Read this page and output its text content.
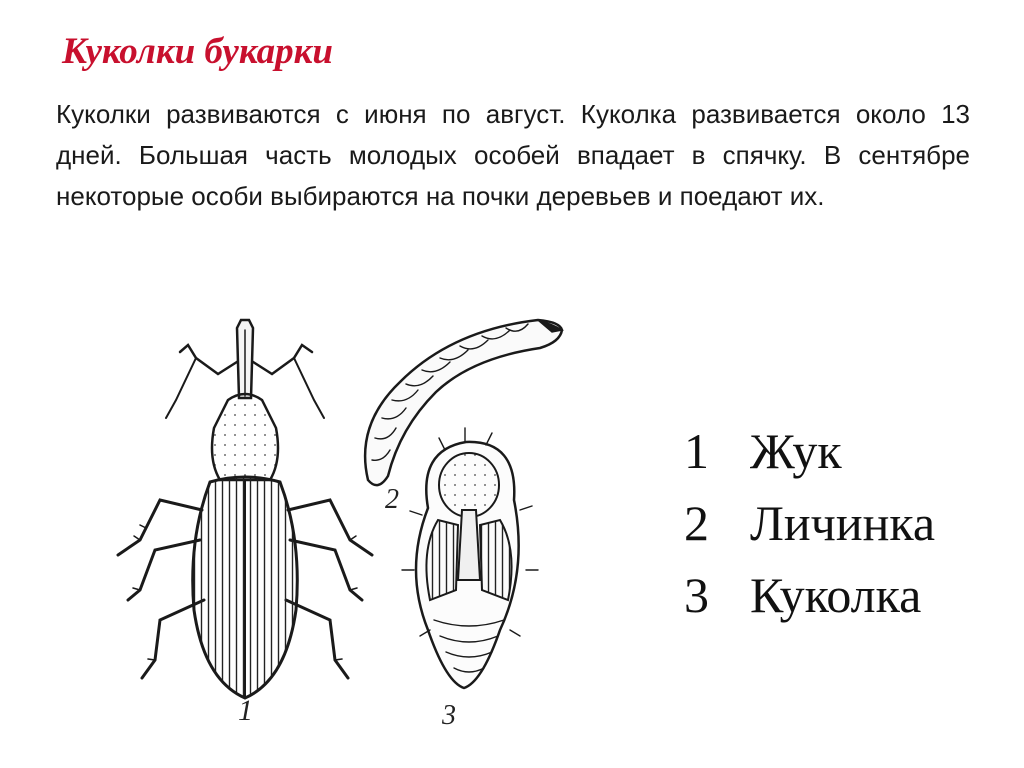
Куколки букарки
Куколки развиваются с июня по август. Куколка развивается около 13 дней. Большая часть молодых особей впадает в спячку. В сентябре некоторые особи выбираются на почки деревьев и поедают их.
1
2
3
1 Жук
2 Личинка
3 Куколка
